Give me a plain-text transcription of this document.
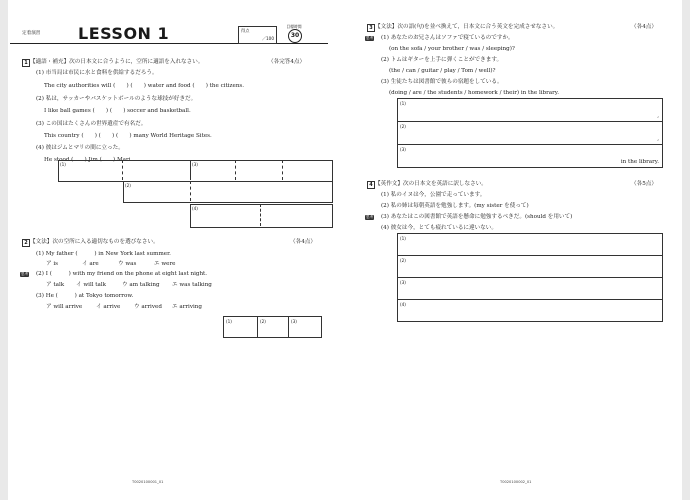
定着演習 LESSON 1	得点
／100
目標時間
30
1 【適語・補充】次の日本文に合うように，空所に適語を入れなさい。	（各完答4点）
(1) 市当局は市民に水と食料を供給するだろう。
The city authorities will (　　) (　　) water and food (　　) the citizens.
(2) 私は，サッカーやバスケットボールのような球技が好きだ。
I like ball games (　　) (　　) soccer and basketball.
(3) この国はたくさんの世界遺産で有名だ。
This country (　　) (　　) (　　) many World Heritage Sites.
(4) 彼はジムとマリの間に立った。
He stood (　　) Jim (　　) Mari.
(1)	(3)
(2)
(4)
2 【文法】次の空所に入る適切なものを選びなさい。	（各4点）
(1) My father (　　　) in New York last summer.
ア is	イ are	ウ was	エ were
思考 (2) I (　　　) with my friend on the phone at eight last night.
ア talk イ will talk	ウ am talking エ was talking
(3) He (　　　) at Tokyo tomorrow.
ア will arrive イ arrive ウ arrived エ arriving
(1)	(2)	(3)
T0020100001_01
3 【文法】次の語(句)を並べ換えて，日本文に合う英文を完成させなさい。	（各4点）
思考 (1) あなたのお兄さんはソファで寝ているのですか。
(on the sofa / your brother / was / sleeping)?
(2) トムはギターを上手に弾くことができます。
(the / can / guitar / play / Tom / well)?
(3) 生徒たちは図書館で彼らの宿題をしている。
(doing / are / the students / homework / their) in the library.
(1)
,
(2)
,
(3)
in the library.
4 【英作文】次の日本文を英語に訳しなさい。	（各5点）
(1) 私のイヌは今，公園で走っています。
(2) 私の姉は毎朝英語を勉強します。(my sister を使って)
思考 (3) あなたはこの図書館で英語を懸命に勉強するべきだ。(should を用いて)
(4) 彼女は今，とても疲れているに違いない。
(1)
(2)
(3)
(4)
T0020100002_01
